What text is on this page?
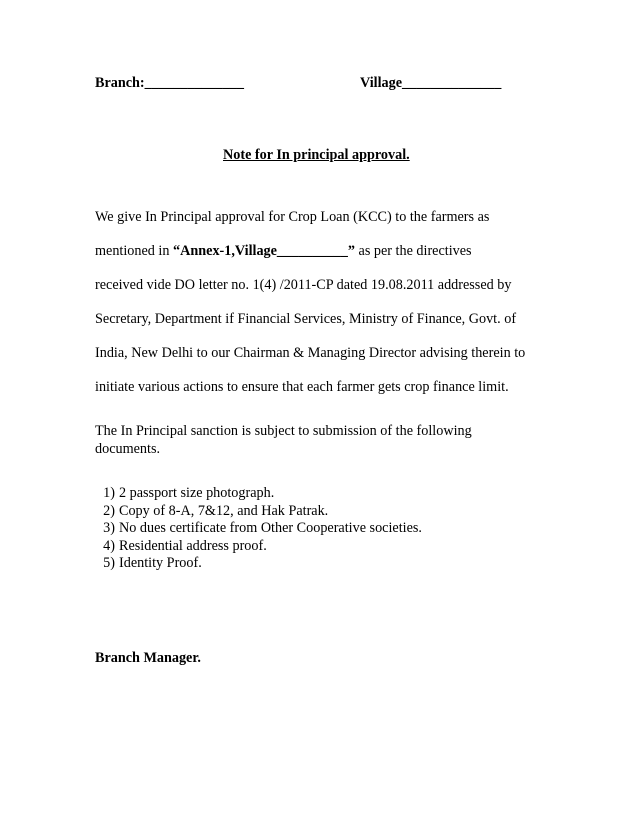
Branch:______________	Village______________
Note for In principal approval.
We give In Principal approval for Crop Loan (KCC) to the farmers as
mentioned in “Annex-1,Village__________” as per the directives
received vide DO letter no. 1(4) /2011-CP dated 19.08.2011 addressed by
Secretary, Department if Financial Services, Ministry of Finance, Govt. of
India, New Delhi to our Chairman & Managing Director advising therein to
initiate various actions to ensure that each farmer gets crop finance limit.
The In Principal sanction is subject to submission of the following
documents.
1) 2 passport size photograph.
2) Copy of 8-A, 7&12, and Hak Patrak.
3) No dues certificate from Other Cooperative societies.
4) Residential address proof.
5) Identity Proof.
Branch Manager.
